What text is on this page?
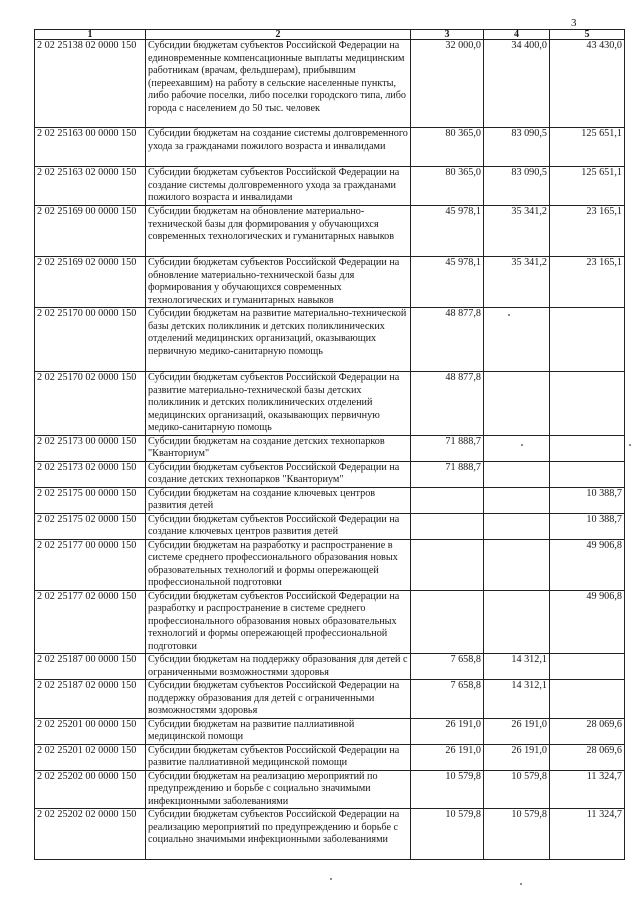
3
1	2	3	4	5
2 02 25138 02 0000 150	Субсидии бюджетам субъектов Российской Федерации на единовременные компенсационные выплаты медицинским работникам (врачам, фельдшерам), прибывшим (переехавшим) на работу в сельские населенные пункты, либо рабочие поселки, либо поселки городского типа, либо города с населением до 50 тыс. человек	32 000,0	34 400,0	43 430,0
2 02 25163 00 0000 150	Субсидии бюджетам на создание системы долговременного ухода за гражданами пожилого возраста и инвалидами	80 365,0	83 090,5	125 651,1
2 02 25163 02 0000 150	Субсидии бюджетам субъектов Российской Федерации на создание системы долговременного ухода за гражданами пожилого возраста и инвалидами	80 365,0	83 090,5	125 651,1
2 02 25169 00 0000 150	Субсидии бюджетам на обновление материально-технической базы для формирования у обучающихся современных технологических и гуманитарных навыков	45 978,1	35 341,2	23 165,1
2 02 25169 02 0000 150	Субсидии бюджетам субъектов Российской Федерации на обновление материально-технической базы для формирования у обучающихся современных технологических и гуманитарных навыков	45 978,1	35 341,2	23 165,1
2 02 25170 00 0000 150	Субсидии бюджетам на развитие материально-технической базы детских поликлиник и детских поликлинических отделений медицинских организаций, оказывающих первичную медико-санитарную помощь	48 877,8		
2 02 25170 02 0000 150	Субсидии бюджетам субъектов Российской Федерации на развитие материально-технической базы детских поликлиник и детских поликлинических отделений медицинских организаций, оказывающих первичную медико-санитарную помощь	48 877,8		
2 02 25173 00 0000 150	Субсидии бюджетам на создание детских технопарков "Кванториум"	71 888,7		
2 02 25173 02 0000 150	Субсидии бюджетам субъектов Российской Федерации на создание детских технопарков "Кванториум"	71 888,7		
2 02 25175 00 0000 150	Субсидии бюджетам на создание ключевых центров развития детей			10 388,7
2 02 25175 02 0000 150	Субсидии бюджетам субъектов Российской Федерации на создание ключевых центров развития детей			10 388,7
2 02 25177 00 0000 150	Субсидии бюджетам на разработку и распространение в системе среднего профессионального образования новых образовательных технологий и формы опережающей профессиональной подготовки			49 906,8
2 02 25177 02 0000 150	Субсидии бюджетам субъектов Российской Федерации на разработку и распространение в системе среднего профессионального образования новых образовательных технологий и формы опережающей профессиональной подготовки			49 906,8
2 02 25187 00 0000 150	Субсидии бюджетам на поддержку образования для детей с ограниченными возможностями здоровья	7 658,8	14 312,1	
2 02 25187 02 0000 150	Субсидии бюджетам субъектов Российской Федерации на поддержку образования для детей с ограниченными возможностями здоровья	7 658,8	14 312,1	
2 02 25201 00 0000 150	Субсидии бюджетам на развитие паллиативной медицинской помощи	26 191,0	26 191,0	28 069,6
2 02 25201 02 0000 150	Субсидии бюджетам субъектов Российской Федерации на развитие паллиативной медицинской помощи	26 191,0	26 191,0	28 069,6
2 02 25202 00 0000 150	Субсидии бюджетам на реализацию мероприятий по предупреждению и борьбе с социально значимыми инфекционными заболеваниями	10 579,8	10 579,8	11 324,7
2 02 25202 02 0000 150	Субсидии бюджетам субъектов Российской Федерации на реализацию мероприятий по предупреждению и борьбе с социально значимыми инфекционными заболеваниями	10 579,8	10 579,8	11 324,7
